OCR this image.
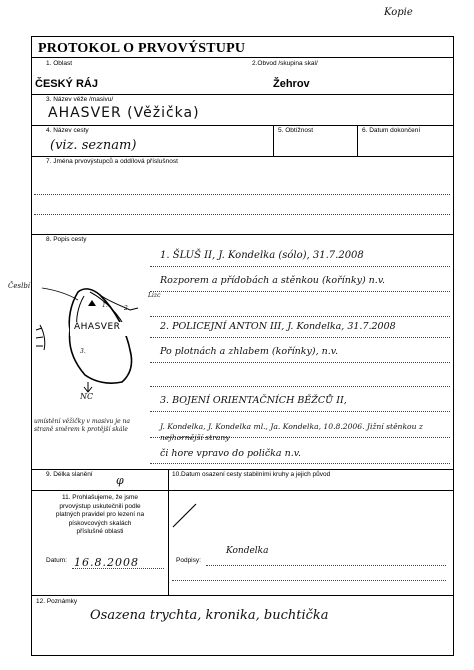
Kopie
PROTOKOL O PRVOVÝSTUPU
1. Oblast	2.Obvod /skupina skal/
ČESKÝ RÁJ	Žehrov
3. Název věže /masivu/
AHASVER (Věžička)
4. Název cesty	5. Obtížnost	6. Datum dokončení
(viz. seznam)
7. Jména prvovýstupců a oddílová příslušnost
8. Popis cesty
1. ŠLUŠ II, J. Kondelka (sólo), 31.7.2008
Rozporem a přídobách a stěnkou (kořínky) n.v.
2. POLICEJNÍ ANTON III, J. Kondelka, 31.7.2008
Po plotnách a zhlabem (kořínky), n.v.
3. BOJENÍ ORIENTAČNÍCH BĚŽCŮ II,
J. Kondelka, J. Kondelka ml., Ja. Kondelka, 10.8.2006. Jižní stěnkou z nejhornější strany
či hore vpravo do polička n.v.
Česlbí
Lizc
AHASVER
NC
1.	2.
3.
umístění věžičky v masivu je na straně směrem k protější skále
9. Délka slanění	10.Datum osazení cesty stabilními kruhy a jejich původ
φ
11. Prohlašujeme, že jsme
prvovýstup uskutečnili podle
platných pravidel pro lezení na
pískovcových skalách
příslušné oblasti
Datum: 16.8.2008	Podpisy:
Kondelka
12. Poznámky
Osazena trychta, kronika, buchtička
